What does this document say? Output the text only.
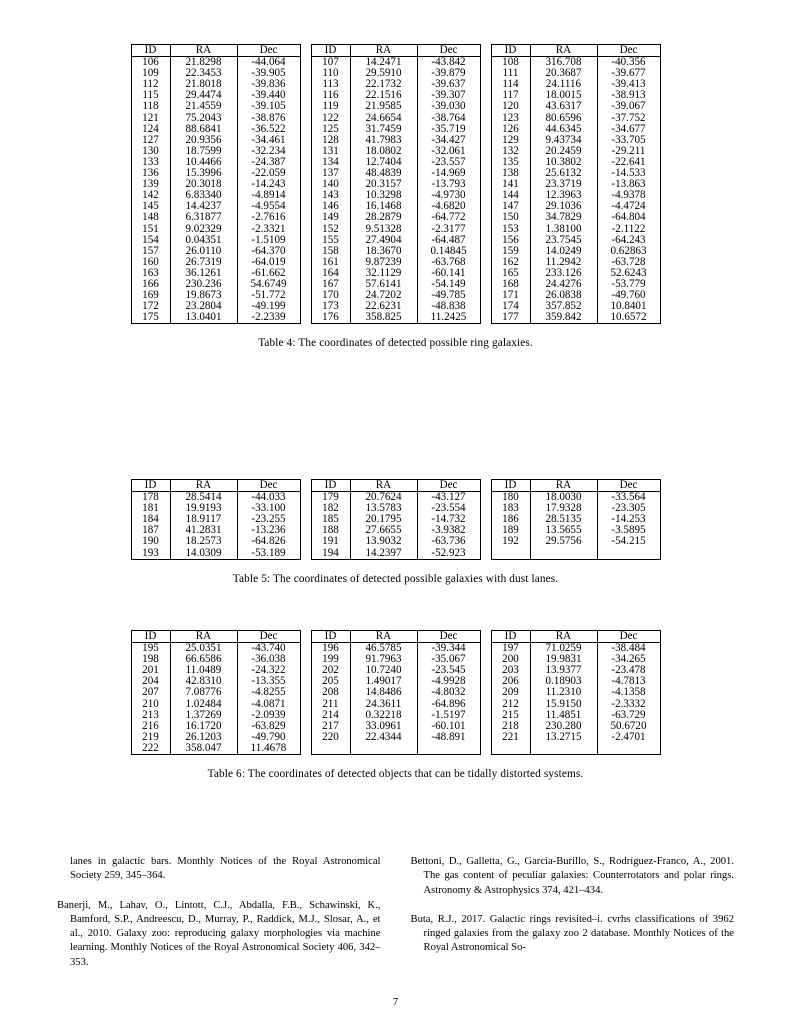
ID	RA	Dec		ID	RA	Dec		ID	RA	Dec
106	21.8298	-44.064		107	14.2471	-43.842		108	316.708	-40.356
109	22.3453	-39.905		110	29.5910	-39.879		111	20.3687	-39.677
112	21.8018	-39.836		113	22.1732	-39.637		114	24.1116	-39.413
115	29.4474	-39.440		116	22.1516	-39.307		117	18.0015	-38.913
118	21.4559	-39.105		119	21.9585	-39.030		120	43.6317	-39.067
121	75.2043	-38.876		122	24.6654	-38.764		123	80.6596	-37.752
124	88.6841	-36.522		125	31.7459	-35.719		126	44.6345	-34.677
127	20.9356	-34.461		128	41.7983	-34.427		129	9.43734	-33.705
130	18.7599	-32.234		131	18.0802	-32.061		132	20.2459	-29.211
133	10.4466	-24.387		134	12.7404	-23.557		135	10.3802	-22.641
136	15.3996	-22.059		137	48.4839	-14.969		138	25.6132	-14.533
139	20.3018	-14.243		140	20.3157	-13.793		141	23.3719	-13.863
142	6.83340	-4.8914		143	10.3298	-4.9730		144	12.3963	-4.9378
145	14.4237	-4.9554		146	16.1468	-4.6820		147	29.1036	-4.4724
148	6.31877	-2.7616		149	28.2879	-64.772		150	34.7829	-64.804
151	9.02329	-2.3321		152	9.51328	-2.3177		153	1.38100	-2.1122
154	0.04351	-1.5109		155	27.4904	-64.487		156	23.7545	-64.243
157	26.0110	-64.370		158	18.3670	0.14845		159	14.0249	0.62863
160	26.7319	-64.019		161	9.87239	-63.768		162	11.2942	-63.728
163	36.1261	-61.662		164	32.1129	-60.141		165	233.126	52.6243
166	230.236	54.6749		167	57.6141	-54.149		168	24.4276	-53.779
169	19.8673	-51.772		170	24.7202	-49.785		171	26.0838	-49.760
172	23.2804	-49.199		173	22.6231	-48.838		174	357.852	10.8401
175	13.0401	-2.2339		176	358.825	11.2425		177	359.842	10.6572
Table 4: The coordinates of detected possible ring galaxies.
ID	RA	Dec		ID	RA	Dec		ID	RA	Dec
178	28.5414	-44.033		179	20.7624	-43.127		180	18.0030	-33.564
181	19.9193	-33.100		182	13.5783	-23.554		183	17.9328	-23.305
184	18.9117	-23.255		185	20.1795	-14.732		186	28.5135	-14.253
187	41.2831	-13.236		188	27.6655	-3.9382		189	13.5655	-3.5895
190	18.2573	-64.826		191	13.9032	-63.736		192	29.5756	-54.215
193	14.0309	-53.189		194	14.2397	-52.923				
Table 5: The coordinates of detected possible galaxies with dust lanes.
ID	RA	Dec		ID	RA	Dec		ID	RA	Dec
195	25.0351	-43.740		196	46.5785	-39.344		197	71.0259	-38.484
198	66.6586	-36.038		199	91.7963	-35.067		200	19.9831	-34.265
201	11.0489	-24.322		202	10.7240	-23.545		203	13.9377	-23.478
204	42.8310	-13.355		205	1.49017	-4.9928		206	0.18903	-4.7813
207	7.08776	-4.8255		208	14.8486	-4.8032		209	11.2310	-4.1358
210	1.02484	-4.0871		211	24.3611	-64.896		212	15.9150	-2.3332
213	1.37269	-2.0939		214	0.32218	-1.5197		215	11.4851	-63.729
216	16.1720	-63.829		217	33.0961	-60.101		218	230.280	50.6720
219	26.1203	-49.790		220	22.4344	-48.891		221	13.2715	-2.4701
222	358.047	11.4678								
Table 6: The coordinates of detected objects that can be tidally distorted systems.
lanes in galactic bars. Monthly Notices of the Royal Astronomical Society 259, 345–364.
Banerji, M., Lahav, O., Lintott, C.J., Abdalla, F.B., Schawinski, K., Bamford, S.P., Andreescu, D., Murray, P., Raddick, M.J., Slosar, A., et al., 2010. Galaxy zoo: reproducing galaxy morphologies via machine learning. Monthly Notices of the Royal Astronomical Society 406, 342–353.
Bettoni, D., Galletta, G., García-Burillo, S., Rodríguez-Franco, A., 2001. The gas content of peculiar galaxies: Counterrotators and polar rings. Astronomy & Astrophysics 374, 421–434.
Buta, R.J., 2017. Galactic rings revisited–i. cvrhs classifications of 3962 ringed galaxies from the galaxy zoo 2 database. Monthly Notices of the Royal Astronomical So-
7
